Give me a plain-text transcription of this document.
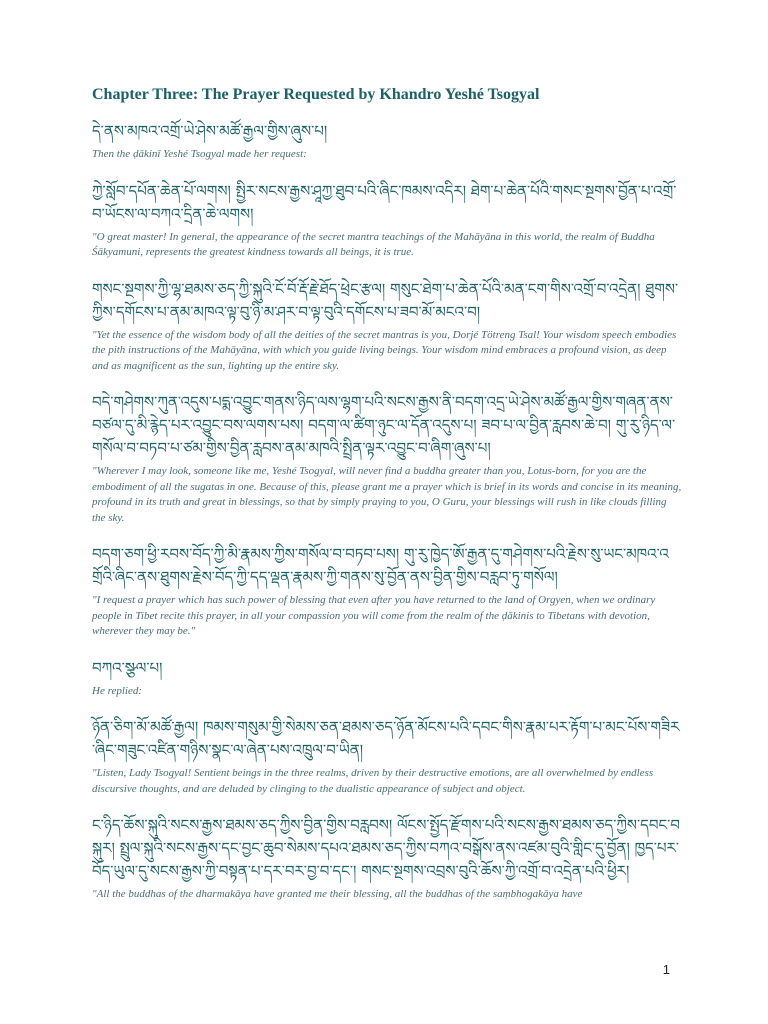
Chapter Three: The Prayer Requested by Khandro Yeshé Tsogyal

དེ་ནས་མཁའ་འགྲོ་ཡེ་ཤེས་མཚོ་རྒྱལ་གྱིས་ཞུས་པ།

Then the ḍākinī Yeshé Tsogyal made her request:

ཀྱེ་སློབ་དཔོན་ཆེན་པོ་ལགས། སྤྱིར་སངས་རྒྱས་ཤཱཀྱ་ཐུབ་པའི་ཞིང་ཁམས་འདིར། ཐེག་པ་ཆེན་པོའི་གསང་སྔགས་བྱོན་པ་འགྲོ་བ་ཡོངས་ལ་བཀའ་དྲིན་ཆེ་ལགས།

"O great master! In general, the appearance of the secret mantra teachings of the Mahāyāna in this world, the realm of Buddha Śākyamuni, represents the greatest kindness towards all beings, it is true.

གསང་སྔགས་ཀྱི་ལྷ་ཐམས་ཅད་ཀྱི་སྐུའི་ངོ་བོ་རྡོ་རྗེ་ཐོད་ཕྲེང་རྩལ། གསུང་ཐེག་པ་ཆེན་པོའི་མན་ངག་གིས་འགྲོ་བ་འདྲེན། ཐུགས་ཀྱིས་དགོངས་པ་ནམ་མཁའ་ལྟ་བུ་ཉི་མ་ཤར་བ་ལྟ་བུའི་དགོངས་པ་ཟབ་མོ་མངའ་བ།

"Yet the essence of the wisdom body of all the deities of the secret mantras is you, Dorjé Tötreng Tsal! Your wisdom speech embodies the pith instructions of the Mahāyāna, with which you guide living beings. Your wisdom mind embraces a profound vision, as deep and as magnificent as the sun, lighting up the entire sky.

བདེ་གཤེགས་ཀུན་འདུས་པདྨ་འབྱུང་གནས་ཉིད་ལས་ལྷག་པའི་སངས་རྒྱས་ནི་བདག་འདྲ་ཡེ་ཤེས་མཚོ་རྒྱལ་གྱིས་གཞན་ནས་བཙལ་དུ་མི་རྙེད་པར་འབྱུང་བས་ལགས་པས། བདག་ལ་ཚིག་ཉུང་ལ་དོན་འདུས་པ། ཟབ་པ་ལ་བྱིན་རླབས་ཆེ་བ། གུ་རུ་ཉིད་ལ་གསོལ་བ་བཏབ་པ་ཙམ་གྱིས་བྱིན་རླབས་ནམ་མཁའི་སྤྲིན་ལྟར་འབྱུང་བ་ཞིག་ཞུས་པ།

"Wherever I may look, someone like me, Yeshé Tsogyal, will never find a buddha greater than you, Lotus-born, for you are the embodiment of all the sugatas in one. Because of this, please grant me a prayer which is brief in its words and concise in its meaning, profound in its truth and great in blessings, so that by simply praying to you, O Guru, your blessings will rush in like clouds filling the sky.

བདག་ཅག་ཕྱི་རབས་བོད་ཀྱི་མི་རྣམས་ཀྱིས་གསོལ་བ་བཏབ་པས། གུ་རུ་ཁྱེད་ཨོ་རྒྱན་དུ་གཤེགས་པའི་རྗེས་སུ་ཡང་མཁའ་འགྲོའི་ཞིང་ནས་ཐུགས་རྗེས་བོད་ཀྱི་དད་ལྡན་རྣམས་ཀྱི་གནས་སུ་བྱོན་ནས་བྱིན་གྱིས་བརླབ་ཏུ་གསོལ།

"I request a prayer which has such power of blessing that even after you have returned to the land of Orgyen, when we ordinary people in Tibet recite this prayer, in all your compassion you will come from the realm of the ḍākinis to Tibetans with devotion, wherever they may be."

བཀའ་སྩལ་པ།

He replied:

ཉོན་ཅིག་མོ་མཚོ་རྒྱལ། ཁམས་གསུམ་གྱི་སེམས་ཅན་ཐམས་ཅད་ཉོན་མོངས་པའི་དབང་གིས་རྣམ་པར་རྟོག་པ་མང་པོས་གཟིར་ཞིང་གཟུང་འཛིན་གཉིས་སྣང་ལ་ཞེན་པས་འཁྲུལ་བ་ཡིན།

"Listen, Lady Tsogyal! Sentient beings in the three realms, driven by their destructive emotions, are all overwhelmed by endless discursive thoughts, and are deluded by clinging to the dualistic appearance of subject and object.

ང་ཉིད་ཆོས་སྐུའི་སངས་རྒྱས་ཐམས་ཅད་ཀྱིས་བྱིན་གྱིས་བརླབས། ལོངས་སྤྱོད་རྫོགས་པའི་སངས་རྒྱས་ཐམས་ཅད་ཀྱིས་དབང་བསྐུར། སྤྲུལ་སྐུའི་སངས་རྒྱས་དང་བྱང་ཆུབ་སེམས་དཔའ་ཐམས་ཅད་ཀྱིས་བཀའ་བསྒོས་ནས་འཛམ་བུའི་གླིང་དུ་བྱོན། ཁྱད་པར་བོད་ཡུལ་དུ་སངས་རྒྱས་ཀྱི་བསྟན་པ་དར་བར་བྱ་བ་དང་། གསང་སྔགས་འབྲས་བུའི་ཆོས་ཀྱི་འགྲོ་བ་འདྲེན་པའི་ཕྱིར།

"All the buddhas of the dharmakāya have granted me their blessing, all the buddhas of the saṃbhogakāya have

1
